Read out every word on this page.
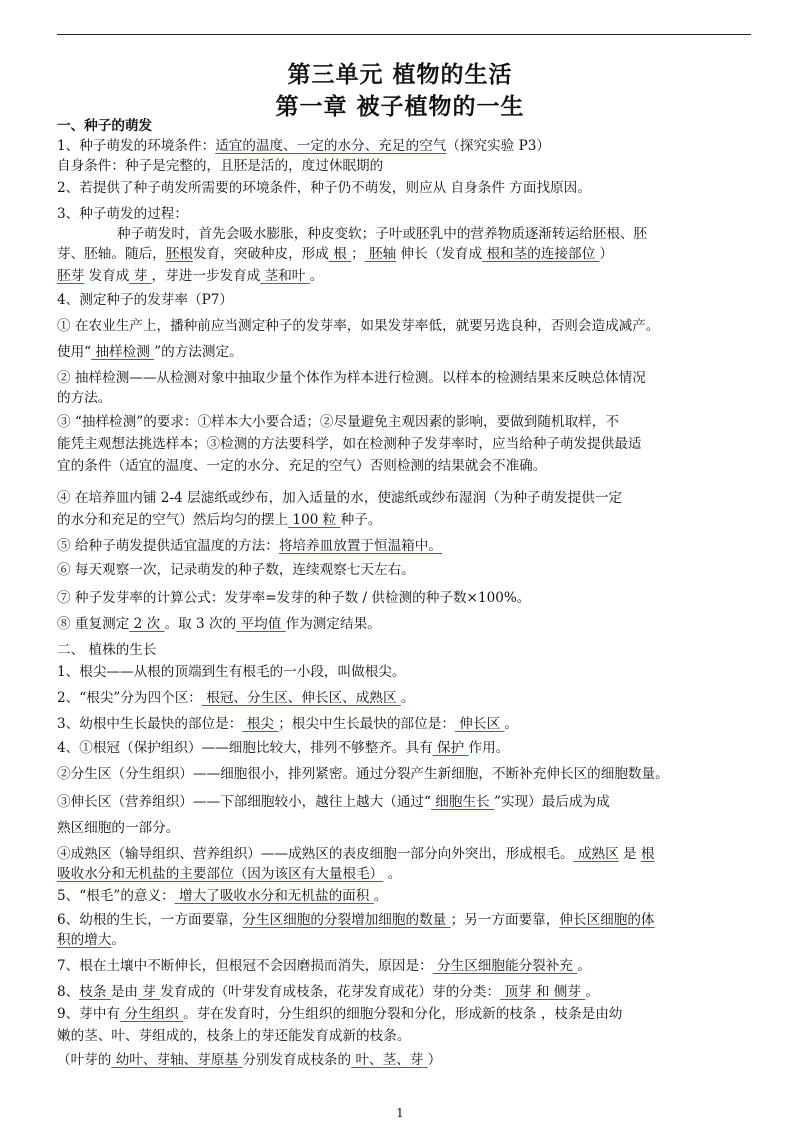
第三单元 植物的生活
第一章 被子植物的一生
一、种子的萌发
1、种子萌发的环境条件：适宜的温度、一定的水分、充足的空气（探究实验 P3）
自身条件：种子是完整的，且胚是活的，度过休眠期的
2、若提供了种子萌发所需要的环境条件，种子仍不萌发，则应从 自身条件 方面找原因。
3、种子萌发的过程：
种子萌发时，首先会吸水膨胀，种皮变软；子叶或胚乳中的营养物质逐渐转运给胚根、胚
芽、胚轴。随后，胚根发育，突破种皮，形成 根 ； 胚轴 伸长（发育成 根和茎的连接部位 ）
胚芽 发育成 芽 ，芽进一步发育成 茎和叶 。
4、测定种子的发芽率（P7）
① 在农业生产上，播种前应当测定种子的发芽率，如果发芽率低，就要另选良种，否则会造成减产。
使用“ 抽样检测 ”的方法测定。
② 抽样检测——从检测对象中抽取少量个体作为样本进行检测。以样本的检测结果来反映总体情况
的方法。
③ “抽样检测”的要求：①样本大小要合适；②尽量避免主观因素的影响，要做到随机取样，不
能凭主观想法挑选样本；③检测的方法要科学，如在检测种子发芽率时，应当给种子萌发提供最适
宜的条件（适宜的温度、一定的水分、充足的空气）否则检测的结果就会不准确。
④ 在培养皿内铺 2-4 层滤纸或纱布，加入适量的水，使滤纸或纱布湿润（为种子萌发提供一定
的水分和充足的空气）然后均匀的摆上 100 粒 种子。
⑤ 给种子萌发提供适宜温度的方法：将培养皿放置于恒温箱中。
⑥ 每天观察一次，记录萌发的种子数，连续观察七天左右。
⑦ 种子发芽率的计算公式：发芽率=发芽的种子数 / 供检测的种子数×100%。
⑧ 重复测定 2 次 。取 3 次的 平均值 作为测定结果。
二、 植株的生长
1、根尖——从根的顶端到生有根毛的一小段，叫做根尖。
2、“根尖”分为四个区： 根冠、分生区、伸长区、成熟区 。
3、幼根中生长最快的部位是： 根尖 ；根尖中生长最快的部位是： 伸长区 。
4、①根冠（保护组织）——细胞比较大，排列不够整齐。具有 保护 作用。
②分生区（分生组织）——细胞很小，排列紧密。通过分裂产生新细胞，不断补充伸长区的细胞数量。
③伸长区（营养组织）——下部细胞较小，越往上越大（通过“ 细胞生长 ”实现）最后成为成
熟区细胞的一部分。
④成熟区（输导组织、营养组织）——成熟区的表皮细胞一部分向外突出，形成根毛。 成熟区 是 根
吸收水分和无机盐的主要部位（因为该区有大量根毛） 。
5、“根毛”的意义： 增大了吸收水分和无机盐的面积 。
6、幼根的生长，一方面要靠，分生区细胞的分裂增加细胞的数量 ；另一方面要靠，伸长区细胞的体
积的增大。
7、根在土壤中不断伸长，但根冠不会因磨损而消失，原因是： 分生区细胞能分裂补充 。
8、枝条 是由 芽 发育成的（叶芽发育成枝条，花芽发育成花）芽的分类： 顶芽 和 侧芽 。
9、芽中有 分生组织 。芽在发育时，分生组织的细胞分裂和分化，形成新的枝条 ，枝条是由幼
嫩的茎、叶、芽组成的，枝条上的芽还能发育成新的枝条。
（叶芽的 幼叶、芽轴、芽原基 分别发育成枝条的 叶、茎、芽 ）
1
